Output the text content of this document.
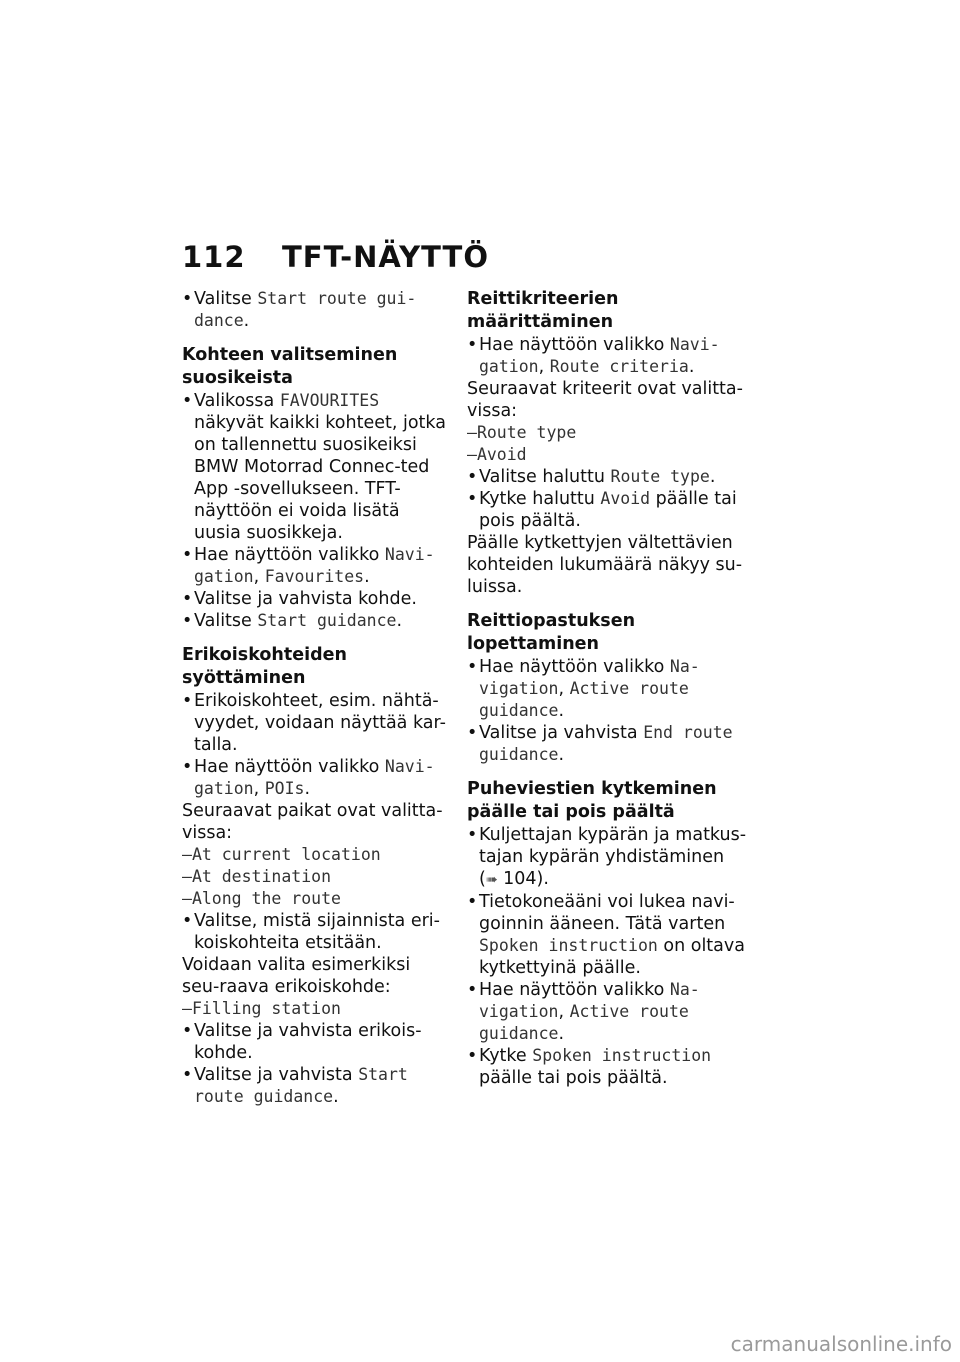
112 TFT-NÄYTTÖ
• Valitse Start route gui-dance.
Kohteen valitseminen suosikeista
• Valikossa FAVOURITES näkyvät kaikki kohteet, jotka on tallennettu suosikeiksi BMW Motorrad Connec-ted App -sovellukseen. TFT-näyttöön ei voida lisätä uusia suosikkeja.
• Hae näyttöön valikko Navi-gation, Favourites.
• Valitse ja vahvista kohde.
• Valitse Start guidance.
Erikoiskohteiden syöttäminen
• Erikoiskohteet, esim. nähtä-vyydet, voidaan näyttää kar-talla.
• Hae näyttöön valikko Navi-gation, POIs.

Seuraavat paikat ovat valitta-vissa:

– At current location
– At destination
– Along the route
• Valitse, mistä sijainnista eri-koiskohteita etsitään.

Voidaan valita esimerkiksi seu-raava erikoiskohde:

– Filling station
• Valitse ja vahvista erikois-kohde.
• Valitse ja vahvista Start route guidance.
Reittikriteerien määrittäminen
• Hae näyttöön valikko Navi-gation, Route criteria.

Seuraavat kriteerit ovat valitta-vissa:

– Route type
– Avoid
• Valitse haluttu Route type.
• Kytke haluttu Avoid päälle tai pois päältä.

Päälle kytkettyjen vältettävien kohteiden lukumäärä näkyy su-luissa.

Reittiopastuksen lopettaminen
• Hae näyttöön valikko Na-vigation, Active route guidance.
• Valitse ja vahvista End route guidance.
Puheviestien kytkeminen päälle tai pois päältä
• Kuljettajan kypärän ja matkus-tajan kypärän yhdistäminen (➠ 104).
• Tietokoneääni voi lukea navi-goinnin ääneen. Tätä varten Spoken instruction on oltava kytkettyinä päälle.
• Hae näyttöön valikko Na-vigation, Active route guidance.
• Kytke Spoken instruction päälle tai pois päältä.
carmanualsonline.info
